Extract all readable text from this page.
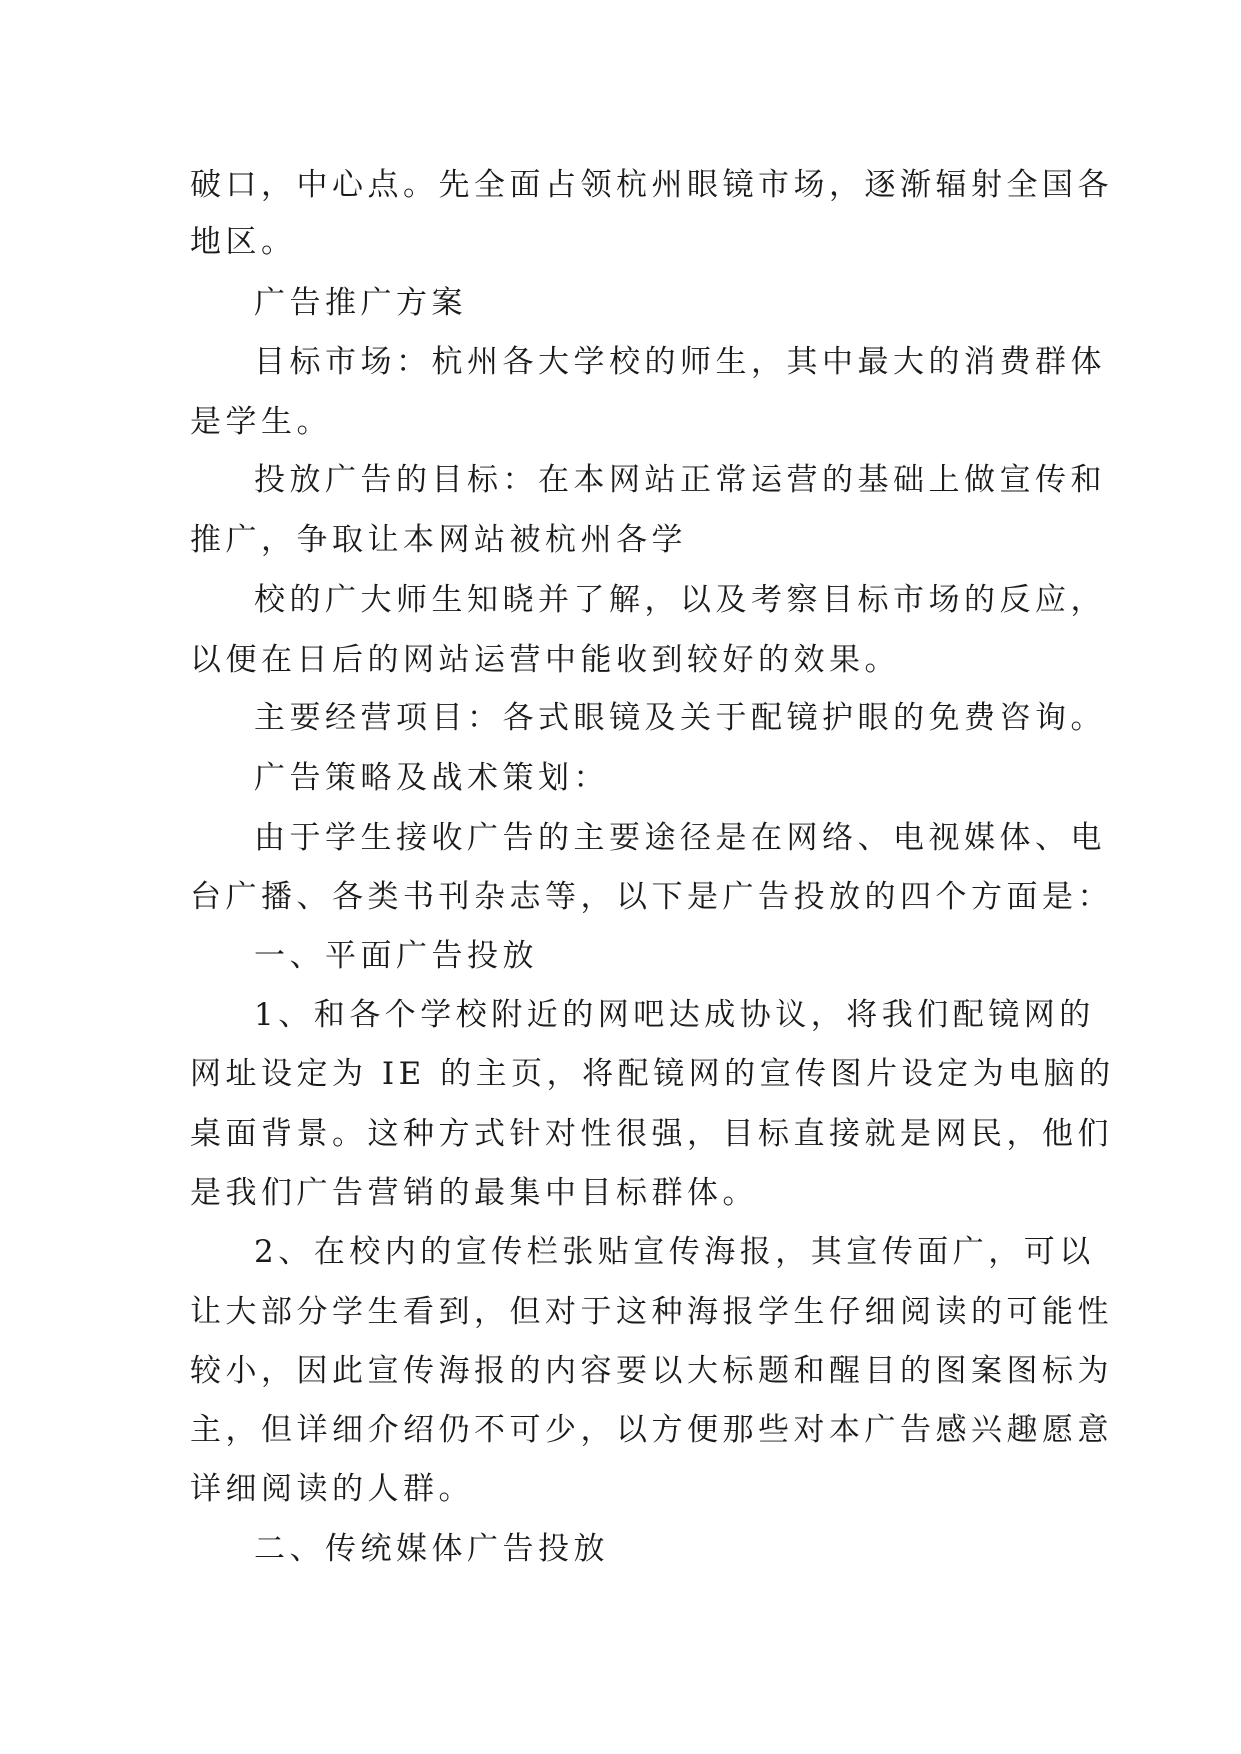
破口，中心点。先全面占领杭州眼镜市场，逐渐辐射全国各
地区。
广告推广方案
目标市场：杭州各大学校的师生，其中最大的消费群体
是学生。
投放广告的目标：在本网站正常运营的基础上做宣传和
推广，争取让本网站被杭州各学
校的广大师生知晓并了解，以及考察目标市场的反应，
以便在日后的网站运营中能收到较好的效果。
主要经营项目：各式眼镜及关于配镜护眼的免费咨询。
广告策略及战术策划：
由于学生接收广告的主要途径是在网络、电视媒体、电
台广播、各类书刊杂志等，以下是广告投放的四个方面是：
一、平面广告投放
1、和各个学校附近的网吧达成协议，将我们配镜网的
网址设定为 IE 的主页，将配镜网的宣传图片设定为电脑的
桌面背景。这种方式针对性很强，目标直接就是网民，他们
是我们广告营销的最集中目标群体。
2、在校内的宣传栏张贴宣传海报，其宣传面广，可以
让大部分学生看到，但对于这种海报学生仔细阅读的可能性
较小，因此宣传海报的内容要以大标题和醒目的图案图标为
主，但详细介绍仍不可少，以方便那些对本广告感兴趣愿意
详细阅读的人群。
二、传统媒体广告投放
